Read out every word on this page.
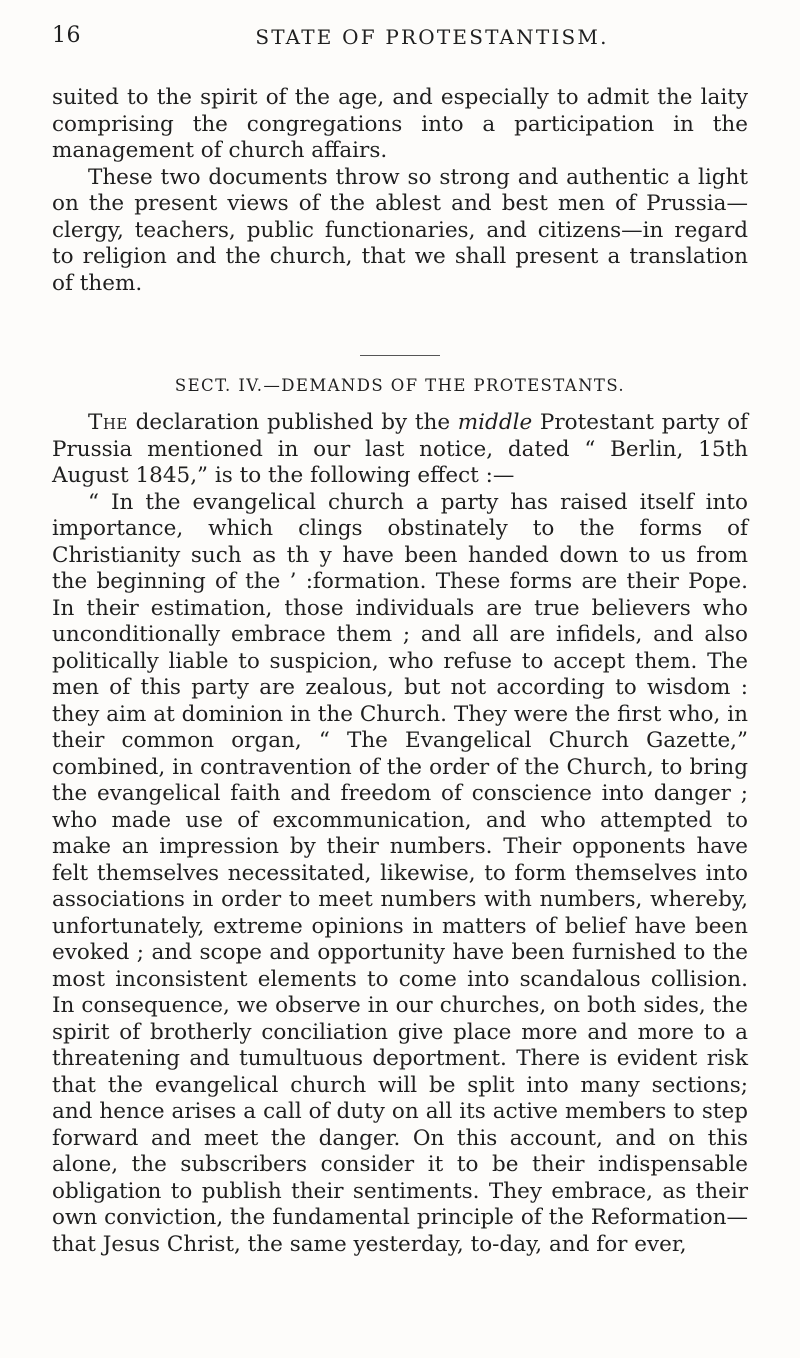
16	STATE OF PROTESTANTISM.

suited to the spirit of the age, and especially to admit the laity comprising the congregations into a participation in the management of church affairs.

These two documents throw so strong and authentic a light on the present views of the ablest and best men of Prussia— clergy, teachers, public functionaries, and citizens—in regard to religion and the church, that we shall present a translation of them.

SECT. IV.—DEMANDS OF THE PROTESTANTS.

The declaration published by the middle Protestant party of Prussia mentioned in our last notice, dated “ Berlin, 15th August 1845,” is to the following effect :—

“ In the evangelical church a party has raised itself into importance, which clings obstinately to the forms of Christianity such as th y have been handed down to us from the beginning of the ’ :formation. These forms are their Pope. In their estimation, those individuals are true believers who unconditionally embrace them ; and all are infidels, and also politically liable to suspicion, who refuse to accept them. The men of this party are zealous, but not according to wisdom : they aim at dominion in the Church. They were the first who, in their common organ, “ The Evangelical Church Gazette,” combined, in contravention of the order of the Church, to bring the evangelical faith and freedom of conscience into danger ; who made use of excommunication, and who attempted to make an impression by their numbers. Their opponents have felt themselves necessitated, likewise, to form themselves into associations in order to meet numbers with numbers, whereby, unfortunately, extreme opinions in matters of belief have been evoked ; and scope and opportunity have been furnished to the most inconsistent elements to come into scandalous collision. In consequence, we observe in our churches, on both sides, the spirit of brotherly conciliation give place more and more to a threatening and tumultuous deportment. There is evident risk that the evangelical church will be split into many sections; and hence arises a call of duty on all its active members to step forward and meet the danger. On this account, and on this alone, the subscribers consider it to be their indispensable obligation to publish their sentiments. They embrace, as their own conviction, the fundamental principle of the Reformation— that Jesus Christ, the same yesterday, to-day, and for ever,
